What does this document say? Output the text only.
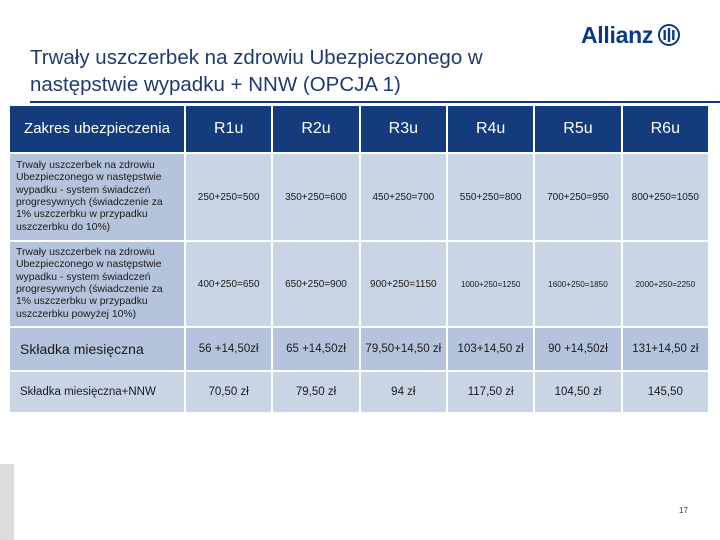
Trwały uszczerbek na zdrowiu Ubezpieczonego w następstwie wypadku + NNW (OPCJA 1)
Allianz
Zakres ubezpieczenia	R1u	R2u	R3u	R4u	R5u	R6u
Trwały uszczerbek na zdrowiu Ubezpieczonego w następstwie wypadku - system świadczeń progresywnych (świadczenie za 1% uszczerbku w przypadku uszczerbku do 10%)
250+250=500	350+250=600	450+250=700	550+250=800	700+250=950	800+250=1050
Trwały uszczerbek na zdrowiu Ubezpieczonego w następstwie wypadku - system świadczeń progresywnych (świadczenie za 1% uszczerbku w przypadku uszczerbku powyżej 10%)
400+250=650	650+250=900	900+250=1150	1000+250=1250	1600+250=1850	2000+250=2250
Składka miesięczna	56 +14,50zł	65 +14,50zł	79,50+14,50 zł	103+14,50 zł	90 +14,50zł	131+14,50 zł
Składka miesięczna+NNW	70,50 zł	79,50 zł	94 zł	117,50 zł	104,50 zł	145,50
17
